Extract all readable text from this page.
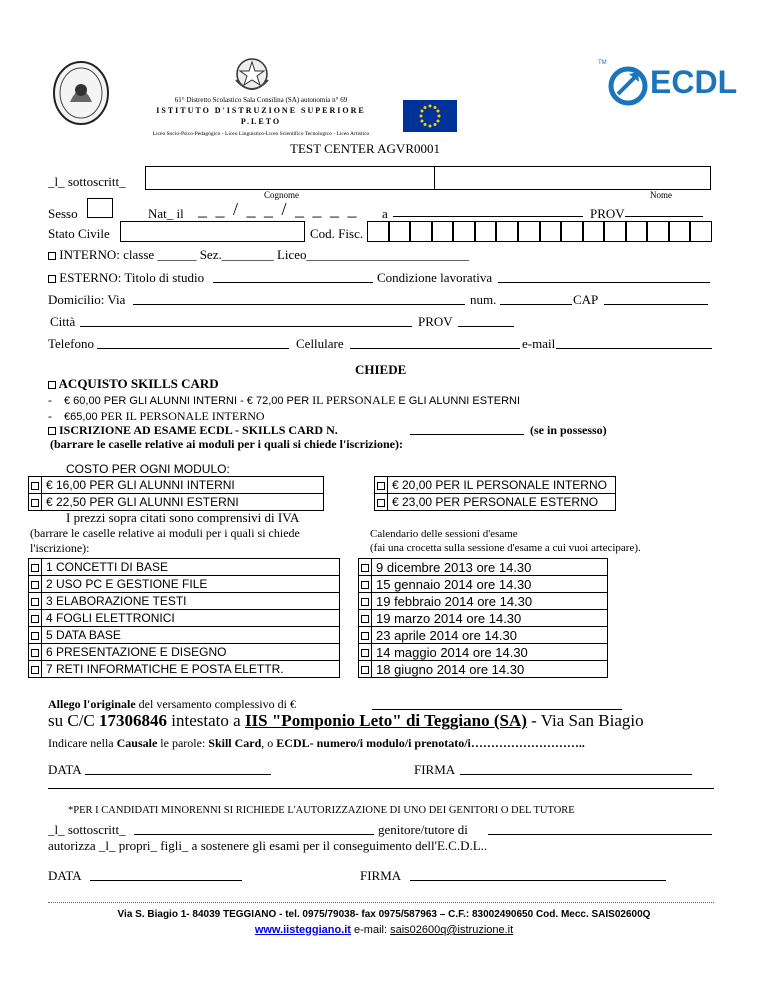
61° Distretto Scolastico Sala Consilina (SA) autonomia n° 69
ISTITUTO D'ISTRUZIONE SUPERIORE
P.LETO
Liceo Socio-Psico-Pedagogico - Liceo Linguistico-Liceo Scientifico Tecnologico - Liceo Artistico
TM
ECDL
TEST CENTER AGVR0001
_l_ sottoscritt_
Cognome	Nome
Sesso	Nat_ il _ _ / _ _ / _ _ _ _ a	PROV
Stato Civile	Cod. Fisc.
INTERNO: classe ______ Sez.________ Liceo_________________________
ESTERNO: Titolo di studio	Condizione lavorativa
Domicilio: Via	num.	CAP
Città	PROV
Telefono	Cellulare	e-mail
CHIEDE
ACQUISTO SKILLS CARD
-    € 60,00 PER GLI ALUNNI INTERNI - € 72,00 PER IL PERSONALE E GLI ALUNNI ESTERNI
-    €65,00 PER IL PERSONALE INTERNO
ISCRIZIONE AD ESAME ECDL - SKILLS CARD N.	(se in possesso)
(barrare le caselle relative ai moduli per i quali si chiede l'iscrizione):
COSTO PER OGNI MODULO:
	€ 16,00 PER GLI ALUNNI INTERNI
	€ 22,50 PER GLI ALUNNI ESTERNI
	€ 20,00 PER IL PERSONALE INTERNO
	€ 23,00 PER PERSONALE ESTERNO
I prezzi sopra citati sono comprensivi di IVA
(barrare le caselle relative ai moduli per i quali si chiede l'iscrizione):
Calendario delle sessioni d'esame
(fai una crocetta sulla sessione d'esame a cui vuoi artecipare).
	1 CONCETTI DI BASE
	2 USO PC E GESTIONE FILE
	3 ELABORAZIONE TESTI
	4 FOGLI ELETTRONICI
	5 DATA BASE
	6 PRESENTAZIONE E DISEGNO
	7 RETI INFORMATICHE E POSTA ELETTR.
	9 dicembre 2013 ore 14.30
	15 gennaio 2014 ore 14.30
	19 febbraio 2014 ore 14.30
	19 marzo 2014 ore 14.30
	23 aprile 2014 ore 14.30
	14 maggio 2014 ore 14.30
	18 giugno 2014 ore 14.30
Allego l'originale del versamento complessivo di €
su C/C 17306846 intestato a IIS "Pomponio Leto" di Teggiano (SA) - Via San Biagio
Indicare nella Causale le parole: Skill Card, o ECDL- numero/i modulo/i prenotato/i………………………..
DATA	FIRMA
*PER I CANDIDATI MINORENNI SI RICHIEDE L'AUTORIZZAZIONE DI UNO DEI GENITORI O DEL TUTORE
_l_ sottoscritt_	genitore/tutore di
autorizza _l_ propri_ figli_ a sostenere gli esami per il conseguimento dell'E.C.D.L..
DATA	FIRMA
Via S. Biagio 1- 84039 TEGGIANO - tel. 0975/79038- fax 0975/587963 – C.F.: 83002490650 Cod. Mecc. SAIS02600Q
www.iisteggiano.it e-mail: sais02600q@istruzione.it
